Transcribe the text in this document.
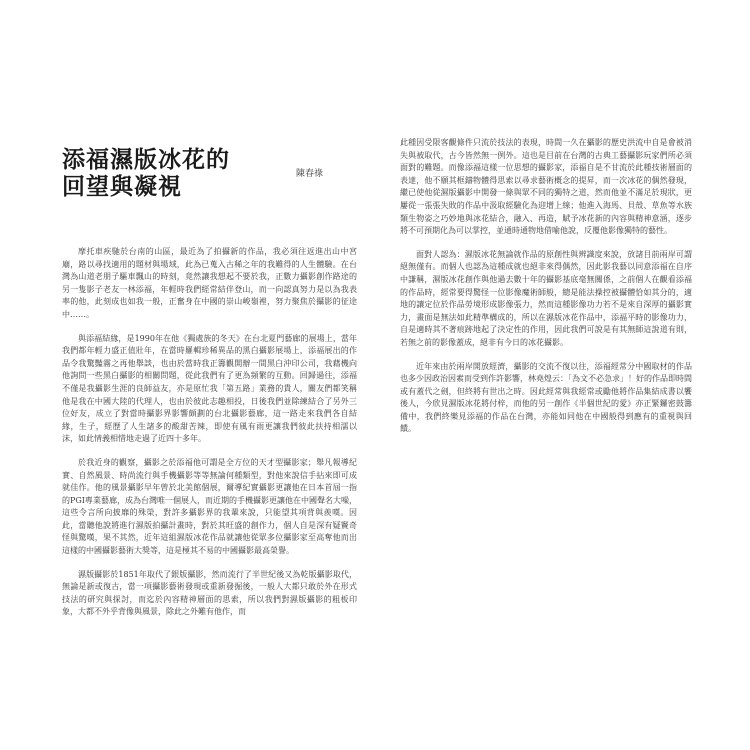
添福濕版冰花的
回望與凝視	陳春祿

摩托車疾馳於台南的山區，最近為了拍攝新的作品，我必須往返進出山中宮廟，路以尋找適用的題材與場域，此為已蒐入古稀之年的我難得的人生體驗。在台灣為山道老朋子驅車飄山的時刻，竟然讓我想起不要於我，正數力攝影創作路途的另一隻影子老友一林添福，年輕時我們經常結伴登山，而一向認真努力是以為我表率的他，此刻成也如我一般，正奮身在中國的崇山峻嶺裡，努力聚焦於攝影的征途中……。

與添福結緣，是1990年在他《獨處族的冬天》在台北夏門藝廊的展場上，當年我們都年輕力盛正值壯年，在當時羅輯珍稀異品的黑白攝影展場上，添福展出的作品令我驚豔霧之再他舉談，也由於當時我正籌觀開辦一間黑白沖印公司，我藉機向他詢問一些黑白攝影的相關問題，從此我們有了更為頻繁的互動。回歸過往，添福不僅是我攝影生涯的良師益友，亦是原忙我「第五路」業務的貴人，關友們都笑稱他是我在中國大陸的代理人，也由於彼此志趣相投，日後我們並除練結合了另外三位好友，成立了對當時攝影界影響頗劃的台北攝影藝廊，這一路走來我們各自結緣，生子，經歷了人生諸多的酸甜苦辣，即使有風有雨更讓我們彼此扶持相濡以沫，如此情義相惜地走過了近四十多年。

於我近身的觀察，攝影之於添福他可謂是全方位的天才型攝影家；舉凡報導紀實、自然風景、時尚流行與手機攝影等等無論何種類型，對他來說信手拈來即可成就佳作。他的風景攝影早年曾於北美館個展，爾導紀實攝影更讓他在日本首屆一指的PGI專業藝廊，成為台灣唯一個展人，而近期的手機攝影更讓他在中國聲名大噪，這些令言所向披靡的殊榮，對許多攝影界的我輩來說，只能望其項背與羨嘆。因此，當聽他說將進行濕版拍攝計畫時，對於其旺盛的創作力，個人自是深有疑竇奇怪與驚嘆，果不其然，近年這組濕版冰花作品就讓他從眾多位攝影家至高奪他而出這樣的中國攝影藝術大獎等，這是極其不易的中國攝影最高榮譽。

濕版攝影於1851年取代了銀版攝影，然而流行了半世紀後又為乾版攝影取代，無論是新或復古，當一項攝影藝術發現或重新發掘後，一般人大都只敢於外在形式技法的研究與探討，而迄於內容精神層面的思索，所以我們對濕版攝影的粗板印象，大都不外乎背像與風景，除此之外難有他作，而

此種因受限客觀條件只流於技法的表現，時間一久在攝影的歷史洪流中自是會被消失與被取代，古今皆然無一例外。這也是目前在台灣的古典工藝攝影玩家們所必須面對的難題。而像添福這樣一位思想的攝影家，添福自是不甘流於此種技術層面的表達，他不願其框鑄物體得思索以尋求藝術概念的提昇，而一次冰花的偶然發現，繼已使他從濕版攝影中開發一條與眾不同的獨特之道，然而他並不滿足於現狀，更屢從一張張失敗的作品中汲取經驗化為迎增上線；他進入海馬、貝殼、草魚等水族類生物姿之巧妙地與冰花結合，融入、再造，賦予冰花新的內容與精神意涵，逐步將不可預期化為可以掌控，並通時通物地借喻他說，反覆他影像獨特的藝性。

面對人認為：濕版冰花無論就作品的原創性與辨識度來說，放諸目前兩岸可謂絕無僅有。而個人也認為這種成就也絕非來得偶然，因此影我藝以同意添福在自序中謙稱，濕版冰花創作與他過去數十年的攝影基底毫無關係，之前個人在觀看添福的作品時，經常要得驚怪一位影像魔術師般，總是能法操控被攝體恰如其分的，適地的讓定位於作品勞境形成影像張力，然而這種影像功力若不是來自深厚的攝影實力，畫面是無法如此精準構成的，所以在濕版冰花作品中，添福平時的影像功力，自是適時其不著痕跡地起了決定性的作用，因此我們可說是有其無師這說道有則，若無之前的影像蓋成，絕非有今日的冰花攝影。

近年來由於兩岸開放經濟，攝影的交流不復以往，添福經常分中國取材的作品也多少因政治因素而受到作許影響，林堯煌云：「為文不必急求」！好的作品即時間或有蓋代之劍，但終將有世出之時。因此經常與我經常或勵他將作品集結成書以饗後人，今欣見濕版冰花將付梓，而他的另一創作《半個世紀的愛》亦正緊鑼密鼓籌備中，我們終樂見添福的作品在台灣，亦能如同他在中國般得到應有的重視與回饋。
